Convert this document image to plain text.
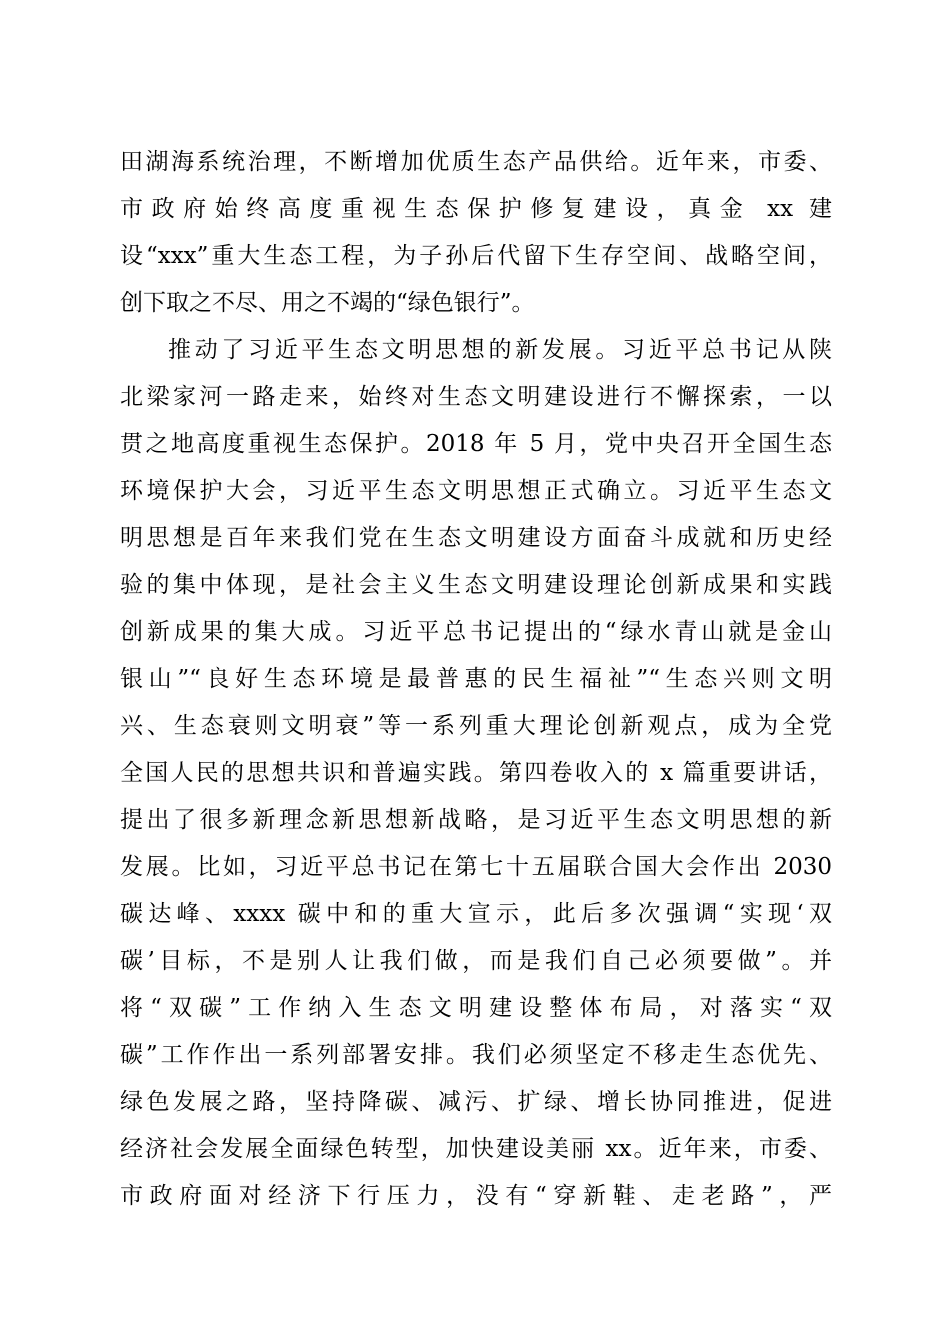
田湖海系统治理，不断增加优质生态产品供给。近年来，市委、
市政府始终高度重视生态保护修复建设，真金 xx 建
设“xxx”重大生态工程，为子孙后代留下生存空间、战略空间，
创下取之不尽、用之不竭的“绿色银行”。
推动了习近平生态文明思想的新发展。习近平总书记从陕
北梁家河一路走来，始终对生态文明建设进行不懈探索，一以
贯之地高度重视生态保护。2018 年 5 月，党中央召开全国生态
环境保护大会，习近平生态文明思想正式确立。习近平生态文
明思想是百年来我们党在生态文明建设方面奋斗成就和历史经
验的集中体现，是社会主义生态文明建设理论创新成果和实践
创新成果的集大成。习近平总书记提出的“绿水青山就是金山
银山”“良好生态环境是最普惠的民生福祉”“生态兴则文明
兴、生态衰则文明衰”等一系列重大理论创新观点，成为全党
全国人民的思想共识和普遍实践。第四卷收入的 x 篇重要讲话，
提出了很多新理念新思想新战略，是习近平生态文明思想的新
发展。比如，习近平总书记在第七十五届联合国大会作出 2030
碳达峰、xxxx 碳中和的重大宣示，此后多次强调“实现‘双
碳’目标，不是别人让我们做，而是我们自己必须要做”。并
将“双碳”工作纳入生态文明建设整体布局，对落实“双
碳”工作作出一系列部署安排。我们必须坚定不移走生态优先、
绿色发展之路，坚持降碳、减污、扩绿、增长协同推进，促进
经济社会发展全面绿色转型，加快建设美丽 xx。近年来，市委、
市政府面对经济下行压力，没有“穿新鞋、走老路”，严
